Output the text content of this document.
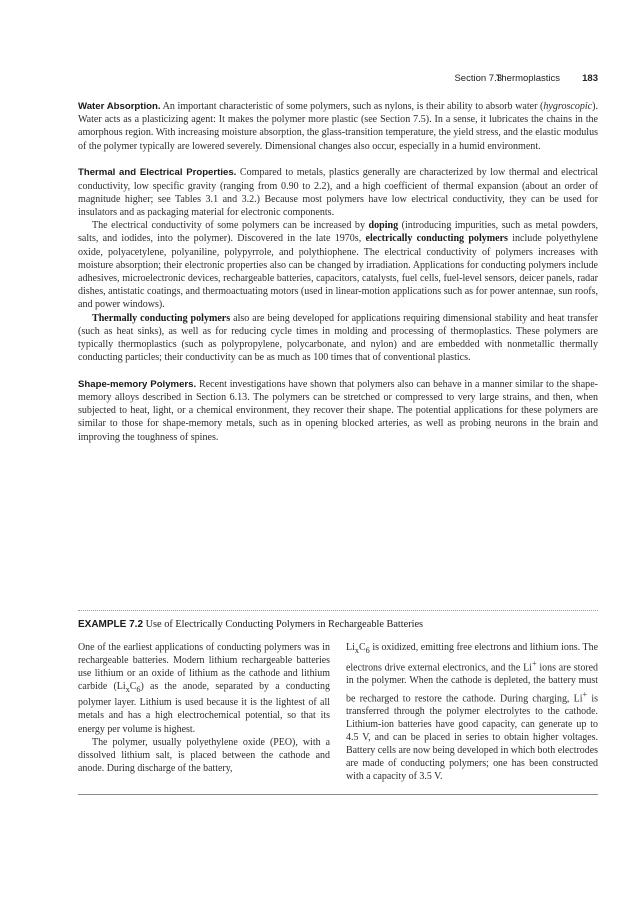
Section 7.3
Thermoplastics 183

Water Absorption. An important characteristic of some polymers, such as nylons, is their ability to absorb water (hygroscopic). Water acts as a plasticizing agent: It makes the polymer more plastic (see Section 7.5). In a sense, it lubricates the chains in the amorphous region. With increasing moisture absorption, the glass-transition temperature, the yield stress, and the elastic modulus of the polymer typically are lowered severely. Dimensional changes also occur, especially in a humid environment.

Thermal and Electrical Properties. Compared to metals, plastics generally are characterized by low thermal and electrical conductivity, low specific gravity (ranging from 0.90 to 2.2), and a high coefficient of thermal expansion (about an order of magnitude higher; see Tables 3.1 and 3.2.) Because most polymers have low electrical conductivity, they can be used for insulators and as packaging material for electronic components.

The electrical conductivity of some polymers can be increased by doping (introducing impurities, such as metal powders, salts, and iodides, into the polymer). Discovered in the late 1970s, electrically conducting polymers include polyethylene oxide, polyacetylene, polyaniline, polypyrrole, and polythiophene. The electrical conductivity of polymers increases with moisture absorption; their electronic properties also can be changed by irradiation. Applications for conducting polymers include adhesives, microelectronic devices, rechargeable batteries, capacitors, catalysts, fuel cells, fuel-level sensors, deicer panels, radar dishes, antistatic coatings, and thermoactuating motors (used in linear-motion applications such as for power antennae, sun roofs, and power windows).

Thermally conducting polymers also are being developed for applications requiring dimensional stability and heat transfer (such as heat sinks), as well as for reducing cycle times in molding and processing of thermoplastics. These polymers are typically thermoplastics (such as polypropylene, polycarbonate, and nylon) and are embedded with nonmetallic thermally conducting particles; their conductivity can be as much as 100 times that of conventional plastics.

Shape-memory Polymers. Recent investigations have shown that polymers also can behave in a manner similar to the shape-memory alloys described in Section 6.13. The polymers can be stretched or compressed to very large strains, and then, when subjected to heat, light, or a chemical environment, they recover their shape. The potential applications for these polymers are similar to those for shape-memory metals, such as in opening blocked arteries, as well as probing neurons in the brain and improving the toughness of spines.

EXAMPLE 7.2 Use of Electrically Conducting Polymers in Rechargeable Batteries

One of the earliest applications of conducting polymers was in rechargeable batteries. Modern lithium rechargeable batteries use lithium or an oxide of lithium as the cathode and lithium carbide $(Li_xC_6)$ as the anode, separated by a conducting polymer layer. Lithium is used because it is the lightest of all metals and has a high electrochemical potential, so that its energy per volume is highest.

The polymer, usually polyethylene oxide (PEO), with a dissolved lithium salt, is placed between the cathode and anode. During discharge of the battery,

$Li_xC_6$ is oxidized, emitting free electrons and lithium ions. The electrons drive external electronics, and the Li+ ions are stored in the polymer. When the cathode is depleted, the battery must be recharged to restore the cathode. During charging, Li+ is transferred through the polymer electrolytes to the cathode. Lithium-ion batteries have good capacity, can generate up to 4.5 V, and can be placed in series to obtain higher voltages. Battery cells are now being developed in which both electrodes are made of conducting polymers; one has been constructed with a capacity of 3.5 V.
